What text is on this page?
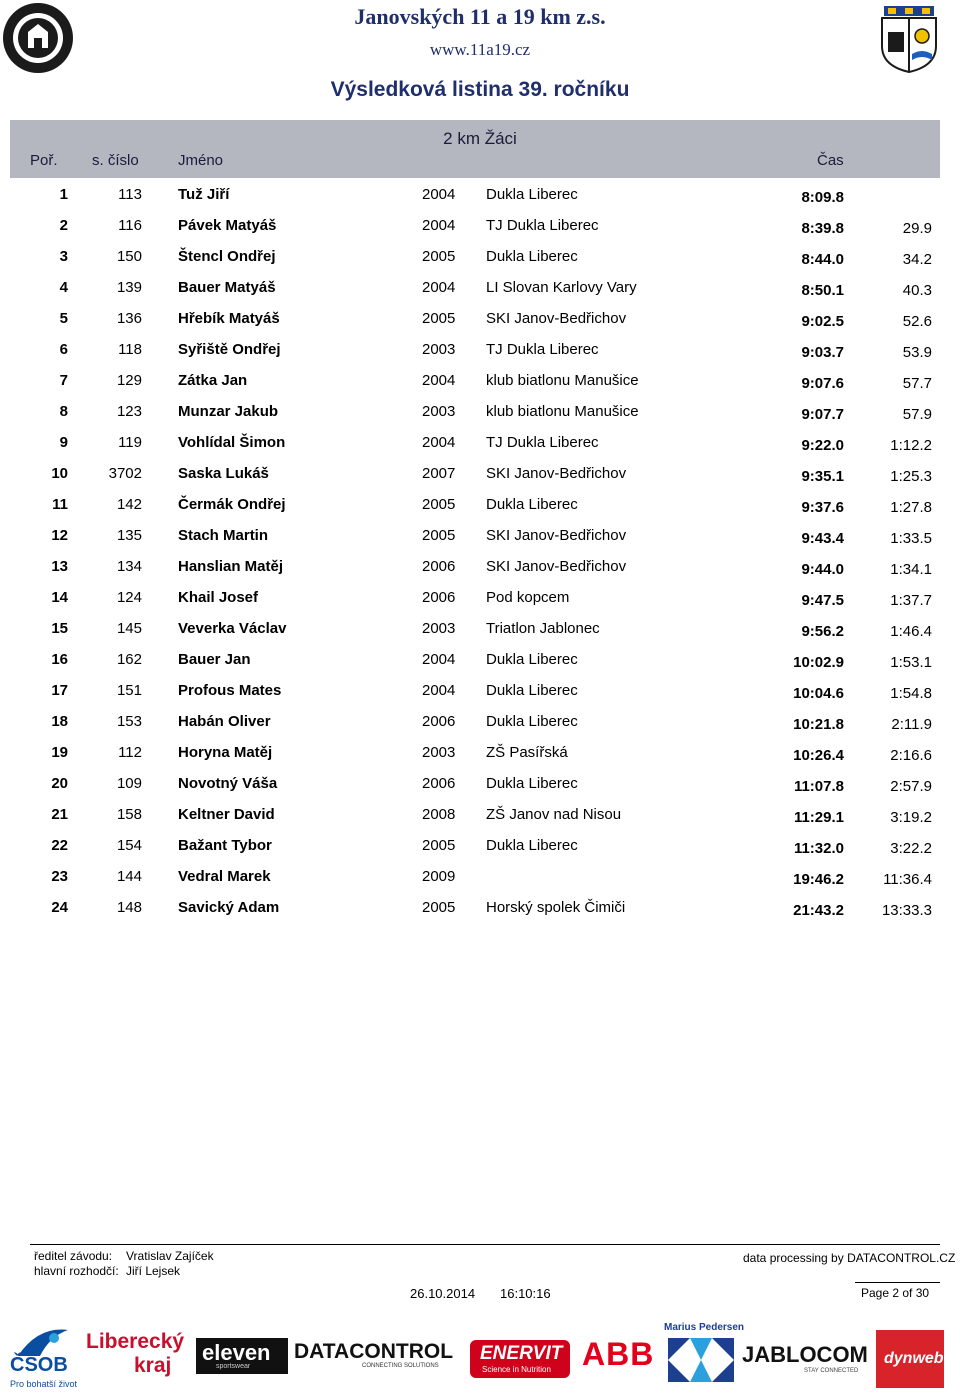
Janovských 11 a 19 km z.s.
www.11a19.cz
Výsledková listina 39. ročníku
2 km Žáci
Poř. s. číslo	Jméno	Čas
1	113 Tuž Jiří	2004 Dukla Liberec	8:09.8
2	116 Pávek Matyáš	2004 TJ Dukla Liberec	8:39.8	29.9
3	150 Štencl Ondřej	2005 Dukla Liberec	8:44.0	34.2
4	139 Bauer Matyáš	2004 LI Slovan Karlovy Vary	8:50.1	40.3
5	136 Hřebík Matyáš	2005 SKI Janov-Bedřichov	9:02.5	52.6
6	118 Syřiště Ondřej	2003 TJ Dukla Liberec	9:03.7	53.9
7	129 Zátka Jan	2004 klub biatlonu Manušice	9:07.6	57.7
8	123 Munzar Jakub	2003 klub biatlonu Manušice	9:07.7	57.9
9	119 Vohlídal Šimon	2004 TJ Dukla Liberec	9:22.0	1:12.2
10	3702 Saska Lukáš	2007 SKI Janov-Bedřichov	9:35.1	1:25.3
11	142 Čermák Ondřej	2005 Dukla Liberec	9:37.6	1:27.8
12	135 Stach Martin	2005 SKI Janov-Bedřichov	9:43.4	1:33.5
13	134 Hanslian Matěj	2006 SKI Janov-Bedřichov	9:44.0	1:34.1
14	124 Khail Josef	2006 Pod kopcem	9:47.5	1:37.7
15	145 Veverka Václav	2003 Triatlon Jablonec	9:56.2	1:46.4
16	162 Bauer Jan	2004 Dukla Liberec	10:02.9	1:53.1
17	151 Profous Mates	2004 Dukla Liberec	10:04.6	1:54.8
18	153 Habán Oliver	2006 Dukla Liberec	10:21.8	2:11.9
19	112 Horyna Matěj	2003 ZŠ Pasířská	10:26.4	2:16.6
20	109 Novotný Váša	2006 Dukla Liberec	11:07.8	2:57.9
21	158 Keltner David	2008 ZŠ Janov nad Nisou	11:29.1	3:19.2
22	154 Bažant Tybor	2005 Dukla Liberec	11:32.0	3:22.2
23	144 Vedral Marek	2009	19:46.2	11:36.4
24	148 Savický Adam	2005 Horský spolek Čimiči	21:43.2	13:33.3
ředitel závodu: Vratislav Zajíček
hlavní rozhodčí: Jiří Lejsek
data processing by DATACONTROL.CZ
26.10.2014 16:10:16	Page 2 of 30
ČSOB
Pro bohatší život
Liberecký
kraj
eleven
sportswear
DATACONTROL
CONNECTING SOLUTIONS
ENERVIT
Science in Nutrition ABB
Marius Pedersen
JABLOCOM
STAY CONNECTED
dynweb
